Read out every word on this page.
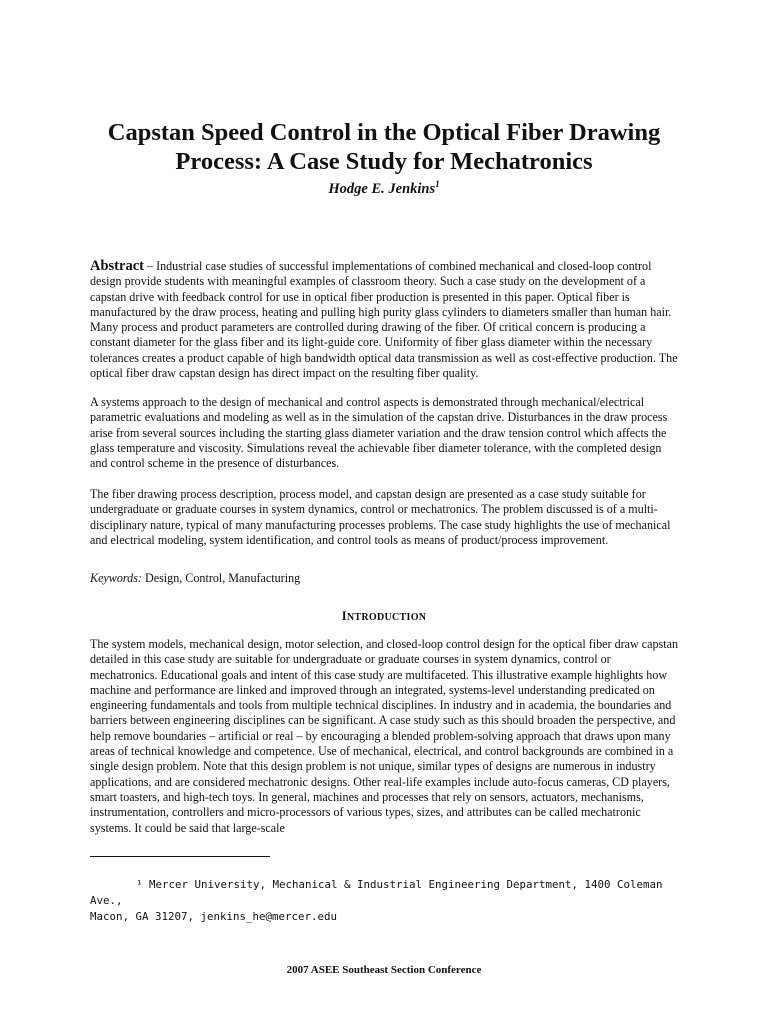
Capstan Speed Control in the Optical Fiber Drawing
Process: A Case Study for Mechatronics

Hodge E. Jenkins$^1$

Abstract – Industrial case studies of successful implementations of combined mechanical and closed-loop control design provide students with meaningful examples of classroom theory. Such a case study on the development of a capstan drive with feedback control for use in optical fiber production is presented in this paper. Optical fiber is manufactured by the draw process, heating and pulling high purity glass cylinders to diameters smaller than human hair. Many process and product parameters are controlled during drawing of the fiber. Of critical concern is producing a constant diameter for the glass fiber and its light-guide core. Uniformity of fiber glass diameter within the necessary tolerances creates a product capable of high bandwidth optical data transmission as well as cost-effective production. The optical fiber draw capstan design has direct impact on the resulting fiber quality.

A systems approach to the design of mechanical and control aspects is demonstrated through mechanical/electrical parametric evaluations and modeling as well as in the simulation of the capstan drive. Disturbances in the draw process arise from several sources including the starting glass diameter variation and the draw tension control which affects the glass temperature and viscosity. Simulations reveal the achievable fiber diameter tolerance, with the completed design and control scheme in the presence of disturbances.

The fiber drawing process description, process model, and capstan design are presented as a case study suitable for undergraduate or graduate courses in system dynamics, control or mechatronics. The problem discussed is of a multi-disciplinary nature, typical of many manufacturing processes problems. The case study highlights the use of mechanical and electrical modeling, system identification, and control tools as means of product/process improvement.

Keywords: Design, Control, Manufacturing

INTRODUCTION

The system models, mechanical design, motor selection, and closed-loop control design for the optical fiber draw capstan detailed in this case study are suitable for undergraduate or graduate courses in system dynamics, control or mechatronics. Educational goals and intent of this case study are multifaceted. This illustrative example highlights how machine and performance are linked and improved through an integrated, systems-level understanding predicated on engineering fundamentals and tools from multiple technical disciplines. In industry and in academia, the boundaries and barriers between engineering disciplines can be significant. A case study such as this should broaden the perspective, and help remove boundaries – artificial or real – by encouraging a blended problem-solving approach that draws upon many areas of technical knowledge and competence. Use of mechanical, electrical, and control backgrounds are combined in a single design problem. Note that this design problem is not unique, similar types of designs are numerous in industry applications, and are considered mechatronic designs. Other real-life examples include auto-focus cameras, CD players, smart toasters, and high-tech toys. In general, machines and processes that rely on sensors, actuators, mechanisms, instrumentation, controllers and micro-processors of various types, sizes, and attributes can be called mechatronic systems. It could be said that large-scale

¹ Mercer University, Mechanical & Industrial Engineering Department, 1400 Coleman Ave.,
Macon, GA 31207, jenkins_he@mercer.edu

2007 ASEE Southeast Section Conference
